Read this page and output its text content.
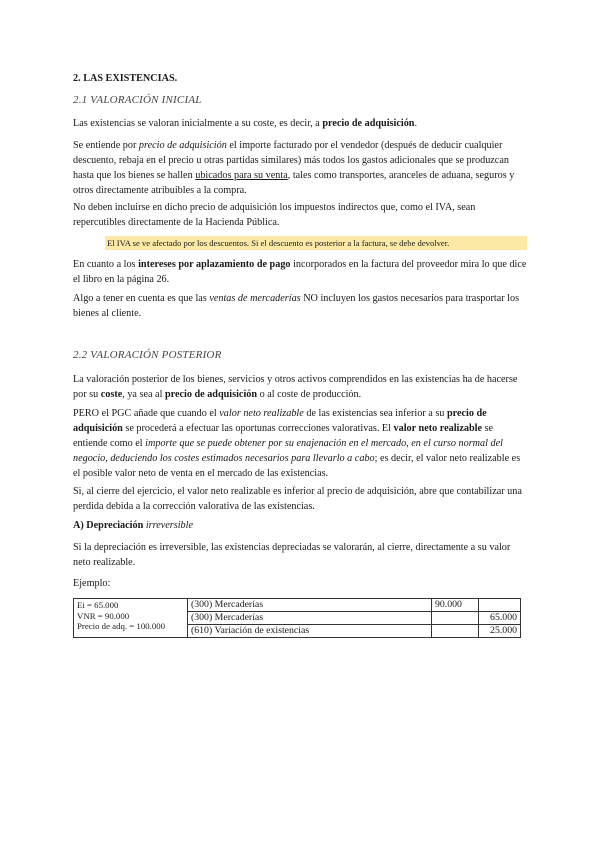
2. LAS EXISTENCIAS.
2.1 VALORACIÓN INICIAL
Las existencias se valoran inicialmente a su coste, es decir, a precio de adquisición.
Se entiende por precio de adquisición el importe facturado por el vendedor (después de deducir cualquier descuento, rebaja en el precio u otras partidas similares) más todos los gastos adicionales que se produzcan hasta que los bienes se hallen ubicados para su venta, tales como transportes, aranceles de aduana, seguros y otros directamente atribuibles a la compra.
No deben incluirse en dicho precio de adquisición los impuestos indirectos que, como el IVA, sean repercutibles directamente de la Hacienda Pública.
El IVA se ve afectado por los descuentos. Si el descuento es posterior a la factura, se debe devolver.
En cuanto a los intereses por aplazamiento de pago incorporados en la factura del proveedor mira lo que dice el libro en la página 26.
Algo a tener en cuenta es que las ventas de mercaderías NO incluyen los gastos necesarios para trasportar los bienes al cliente.
2.2 VALORACIÓN POSTERIOR
La valoración posterior de los bienes, servicios y otros activos comprendidos en las existencias ha de hacerse por su coste, ya sea al precio de adquisición o al coste de producción.
PERO el PGC añade que cuando el valor neto realizable de las existencias sea inferior a su precio de adquisición se procederá a efectuar las oportunas correcciones valorativas. El valor neto realizable se entiende como el importe que se puede obtener por su enajenación en el mercado, en el curso normal del negocio, deduciendo los costes estimados necesarios para llevarlo a cabo; es decir, el valor neto realizable es el posible valor neto de venta en el mercado de las existencias.
Si, al cierre del ejercicio, el valor neto realizable es inferior al precio de adquisición, abre que contabilizar una perdida debida a la corrección valorativa de las existencias.
A) Depreciación irreversible
Si la depreciación es irreversible, las existencias depreciadas se valorarán, al cierre, directamente a su valor neto realizable.
Ejemplo:
Ei = 65.000
VNR = 90.000
Precio de adq. = 100.000	(300) Mercaderías	90.000	
	(300) Mercaderías		65.000
	(610) Variación de existencias		25.000
